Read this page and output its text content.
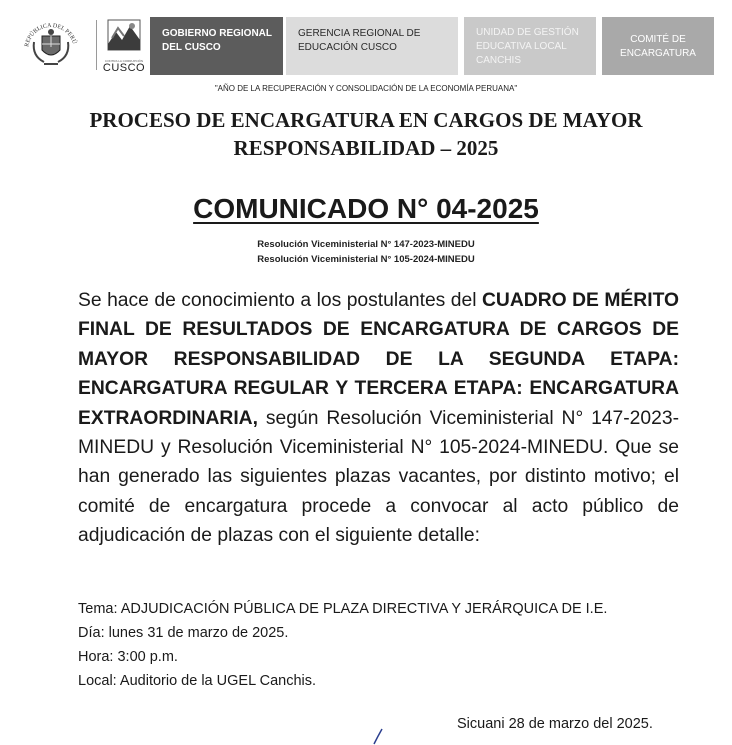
REPÚBLICA DEL PERÚ
CONTRA LA CORRUPCIÓN
CUSCO
GOBIERNO REGIONAL
DEL CUSCO
GERENCIA REGIONAL DE
EDUCACIÓN CUSCO
UNIDAD DE GESTIÓN
EDUCATIVA LOCAL
CANCHIS
COMITÉ DE
ENCARGATURA
"AÑO DE LA RECUPERACIÓN Y CONSOLIDACIÓN DE LA ECONOMÍA PERUANA"
PROCESO DE ENCARGATURA EN CARGOS DE MAYOR
RESPONSABILIDAD – 2025
COMUNICADO N° 04-2025
Resolución Viceministerial N° 147-2023-MINEDU
Resolución Viceministerial N° 105-2024-MINEDU

Se hace de conocimiento a los postulantes del CUADRO DE MÉRITO FINAL DE RESULTADOS DE ENCARGATURA DE CARGOS DE MAYOR RESPONSABILIDAD DE LA SEGUNDA ETAPA: ENCARGATURA REGULAR Y TERCERA ETAPA: ENCARGATURA EXTRAORDINARIA, según Resolución Viceministerial N° 147-2023-MINEDU y Resolución Viceministerial N° 105-2024-MINEDU. Que se han generado las siguientes plazas vacantes, por distinto motivo; el comité de encargatura procede a convocar al acto público de adjudicación de plazas con el siguiente detalle:

Tema: ADJUDICACIÓN PÚBLICA DE PLAZA DIRECTIVA Y JERÁRQUICA DE I.E.
Día: lunes 31 de marzo de 2025.
Hora: 3:00 p.m.
Local: Auditorio de la UGEL Canchis.
Sicuani 28 de marzo del 2025.
